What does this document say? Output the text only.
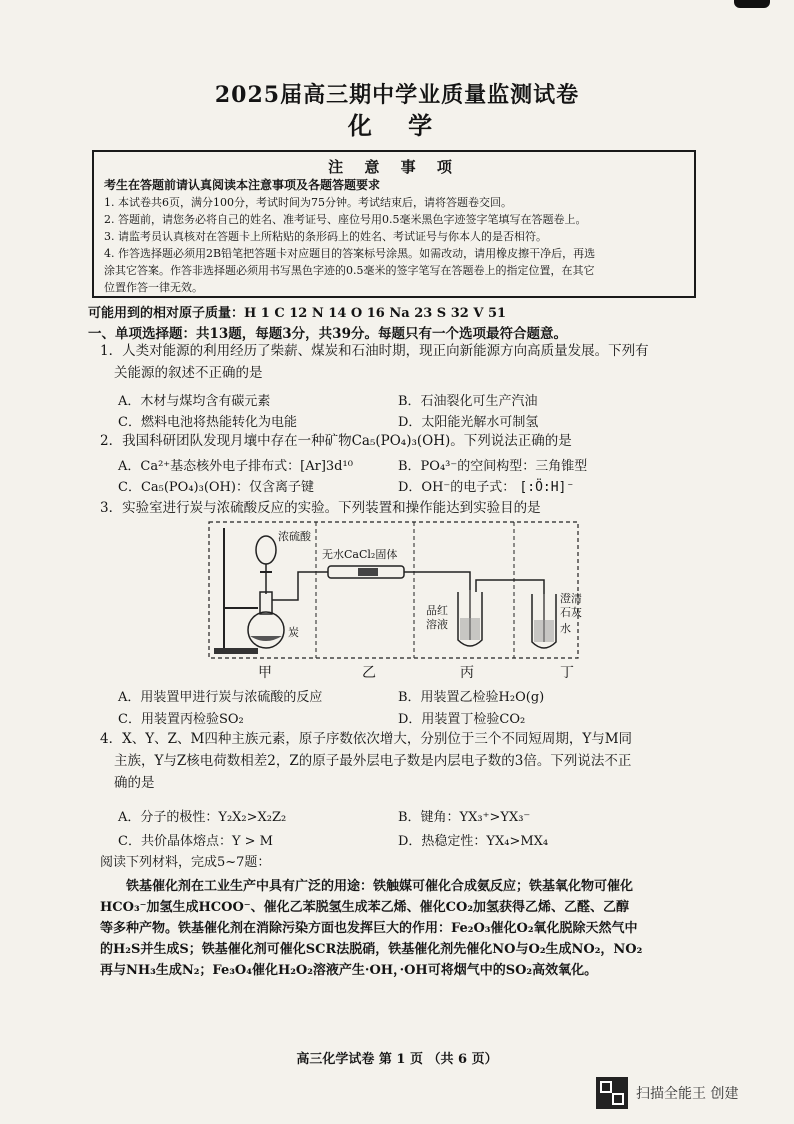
2025届高三期中学业质量监测试卷
化 学
注 意 事 项
考生在答题前请认真阅读本注意事项及各题答题要求
1. 本试卷共6页，满分100分，考试时间为75分钟。考试结束后，请将答题卷交回。
2. 答题前，请您务必将自己的姓名、准考证号、座位号用0.5毫米黑色字迹签字笔填写在答题卷上。
3. 请监考员认真核对在答题卡上所粘贴的条形码上的姓名、考试证号与你本人的是否相符。
4. 作答选择题必须用2B铅笔把答题卡对应题目的答案标号涂黑。如需改动，请用橡皮擦干净后，再选
涂其它答案。作答非选择题必须用书写黑色字迹的0.5毫米的签字笔写在答题卷上的指定位置，在其它
位置作答一律无效。
可能用到的相对原子质量：H 1 C 12 N 14 O 16 Na 23 S 32 V 51
一、单项选择题：共13题，每题3分，共39分。每题只有一个选项最符合题意。
1．人类对能源的利用经历了柴薪、煤炭和石油时期，现正向新能源方向高质量发展。下列有
关能源的叙述不正确的是
A．木材与煤均含有碳元素	B．石油裂化可生产汽油
C．燃料电池将热能转化为电能	D．太阳能光解水可制氢
2．我国科研团队发现月壤中存在一种矿物Ca₅(PO₄)₃(OH)。下列说法正确的是
A．Ca²⁺基态核外电子排布式：[Ar]3d¹⁰	B．PO₄³⁻的空间构型：三角锥型
C．Ca₅(PO₄)₃(OH)：仅含离子键	D．OH⁻的电子式： [:Ö:H]⁻
3．实验室进行炭与浓硫酸反应的实验。下列装置和操作能达到实验目的是
浓硫酸
炭
无水CaCl₂固体
品红
溶液
澄清
石灰水
甲	乙	丙	丁
A．用装置甲进行炭与浓硫酸的反应	B．用装置乙检验H₂O(g)
C．用装置丙检验SO₂	D．用装置丁检验CO₂
4．X、Y、Z、M四种主族元素，原子序数依次增大，分别位于三个不同短周期，Y与M同
主族，Y与Z核电荷数相差2，Z的原子最外层电子数是内层电子数的3倍。下列说法不正
确的是
A．分子的极性：Y₂X₂>X₂Z₂	B．键角：YX₃⁺>YX₃⁻
C．共价晶体熔点：Y > M	D．热稳定性：YX₄>MX₄
阅读下列材料，完成5~7题：
铁基催化剂在工业生产中具有广泛的用途：铁触媒可催化合成氨反应；铁基氧化物可催化
HCO₃⁻加氢生成HCOO⁻、催化乙苯脱氢生成苯乙烯、催化CO₂加氢获得乙烯、乙醛、乙醇
等多种产物。铁基催化剂在消除污染方面也发挥巨大的作用：Fe₂O₃催化O₂氧化脱除天然气中
的H₂S并生成S；铁基催化剂可催化SCR法脱硝，铁基催化剂先催化NO与O₂生成NO₂，NO₂
再与NH₃生成N₂；Fe₃O₄催化H₂O₂溶液产生·OH，·OH可将烟气中的SO₂高效氧化。
高三化学试卷 第 1 页 （共 6 页）
扫描全能王 创建
